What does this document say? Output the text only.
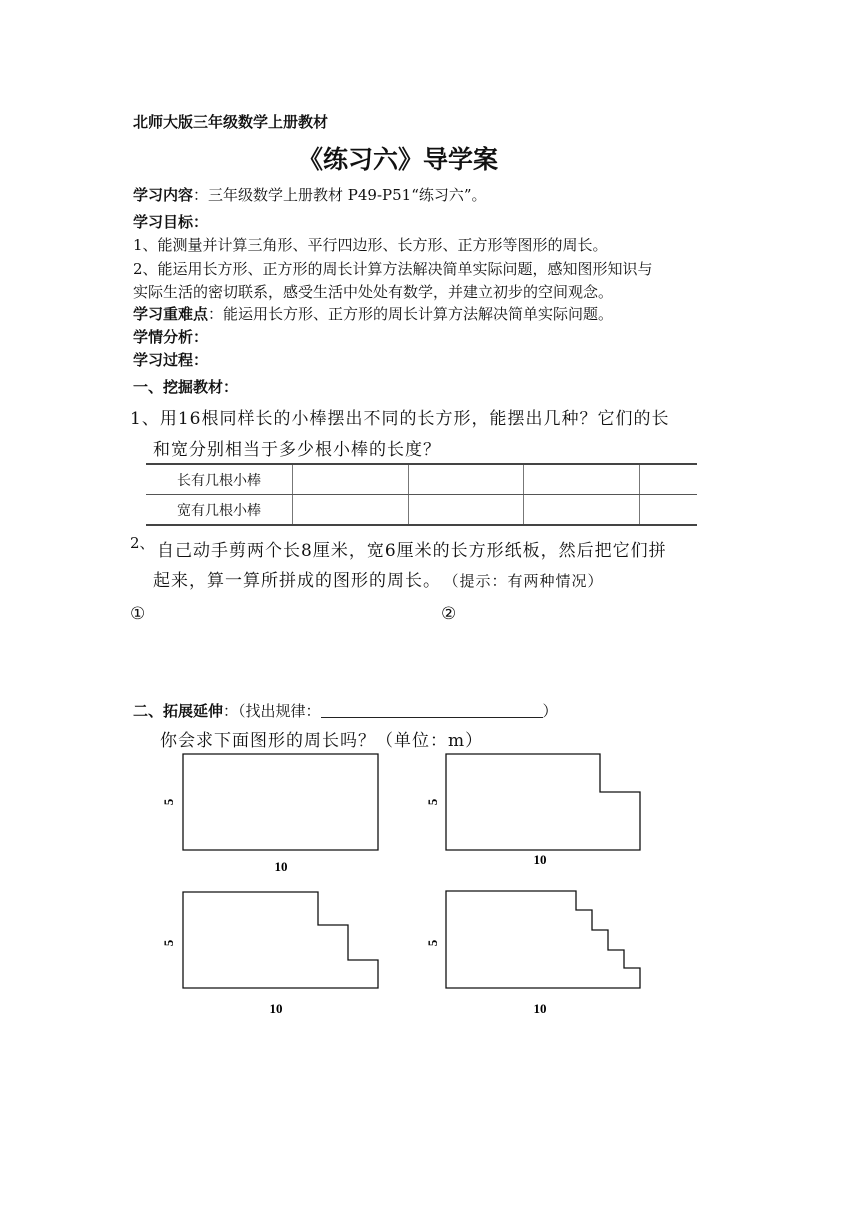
北师大版三年级数学上册教材
《练习六》导学案
学习内容：三年级数学上册教材 P49-P51“练习六”。
学习目标：
1、能测量并计算三角形、平行四边形、长方形、正方形等图形的周长。
2、能运用长方形、正方形的周长计算方法解决简单实际问题，感知图形知识与
实际生活的密切联系，感受生活中处处有数学，并建立初步的空间观念。
学习重难点：能运用长方形、正方形的周长计算方法解决简单实际问题。
学情分析：
学习过程：
一、挖掘教材：
1、用16根同样长的小棒摆出不同的长方形，能摆出几种？它们的长
和宽分别相当于多少根小棒的长度？
长有几根小棒				
宽有几根小棒				
2、 自己动手剪两个长8厘米，宽6厘米的长方形纸板，然后把它们拼
起来，算一算所拼成的图形的周长。 （提示：有两种情况）
①	②
二、拓展延伸：（找出规律：	）
你会求下面图形的周长吗？（单位：m）
5	5
5	5
10	10
10	10
